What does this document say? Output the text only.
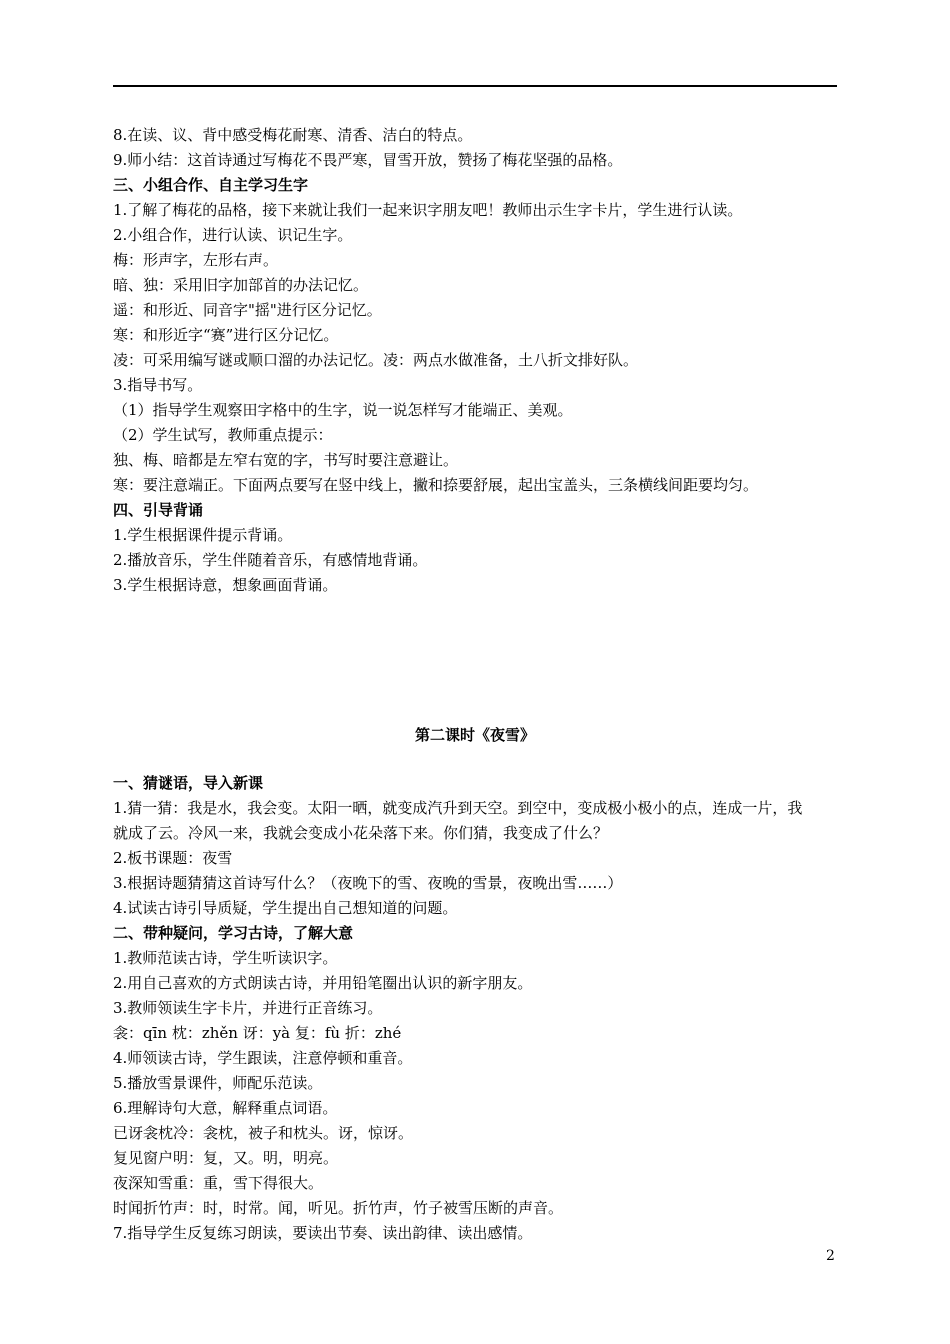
8.在读、议、背中感受梅花耐寒、清香、洁白的特点。
9.师小结：这首诗通过写梅花不畏严寒，冒雪开放，赞扬了梅花坚强的品格。
三、小组合作、自主学习生字
1.了解了梅花的品格，接下来就让我们一起来识字朋友吧！教师出示生字卡片，学生进行认读。
2.小组合作，进行认读、识记生字。
梅：形声字，左形右声。
暗、独：采用旧字加部首的办法记忆。
遥：和形近、同音字"摇"进行区分记忆。
寒：和形近字“赛”进行区分记忆。
凌：可采用编写谜或顺口溜的办法记忆。凌：两点水做准备，土八折文排好队。
3.指导书写。
（1）指导学生观察田字格中的生字，说一说怎样写才能端正、美观。
（2）学生试写，教师重点提示：
独、梅、暗都是左窄右宽的字，书写时要注意避让。
寒：要注意端正。下面两点要写在竖中线上，撇和捺要舒展，起出宝盖头，三条横线间距要均匀。
四、引导背诵
1.学生根据课件提示背诵。
2.播放音乐，学生伴随着音乐，有感情地背诵。
3.学生根据诗意，想象画面背诵。
第二课时《夜雪》
一、猜谜语，导入新课
1.猜一猜：我是水，我会变。太阳一晒，就变成汽升到天空。到空中，变成极小极小的点，连成一片，我
就成了云。冷风一来，我就会变成小花朵落下来。你们猜，我变成了什么？
2.板书课题：夜雪
3.根据诗题猜猜这首诗写什么？（夜晚下的雪、夜晚的雪景，夜晚出雪……）
4.试读古诗引导质疑，学生提出自己想知道的问题。
二、带种疑问，学习古诗，了解大意
1.教师范读古诗，学生听读识字。
2.用自己喜欢的方式朗读古诗，并用铅笔圈出认识的新字朋友。
3.教师领读生字卡片，并进行正音练习。
衾：qīn 枕：zhěn 讶：yà 复：fù 折：zhé
4.师领读古诗，学生跟读，注意停顿和重音。
5.播放雪景课件，师配乐范读。
6.理解诗句大意，解释重点词语。
已讶衾枕冷：衾枕，被子和枕头。讶，惊讶。
复见窗户明：复，又。明，明亮。
夜深知雪重：重，雪下得很大。
时闻折竹声：时，时常。闻，听见。折竹声，竹子被雪压断的声音。
7.指导学生反复练习朗读，要读出节奏、读出韵律、读出感情。
2
